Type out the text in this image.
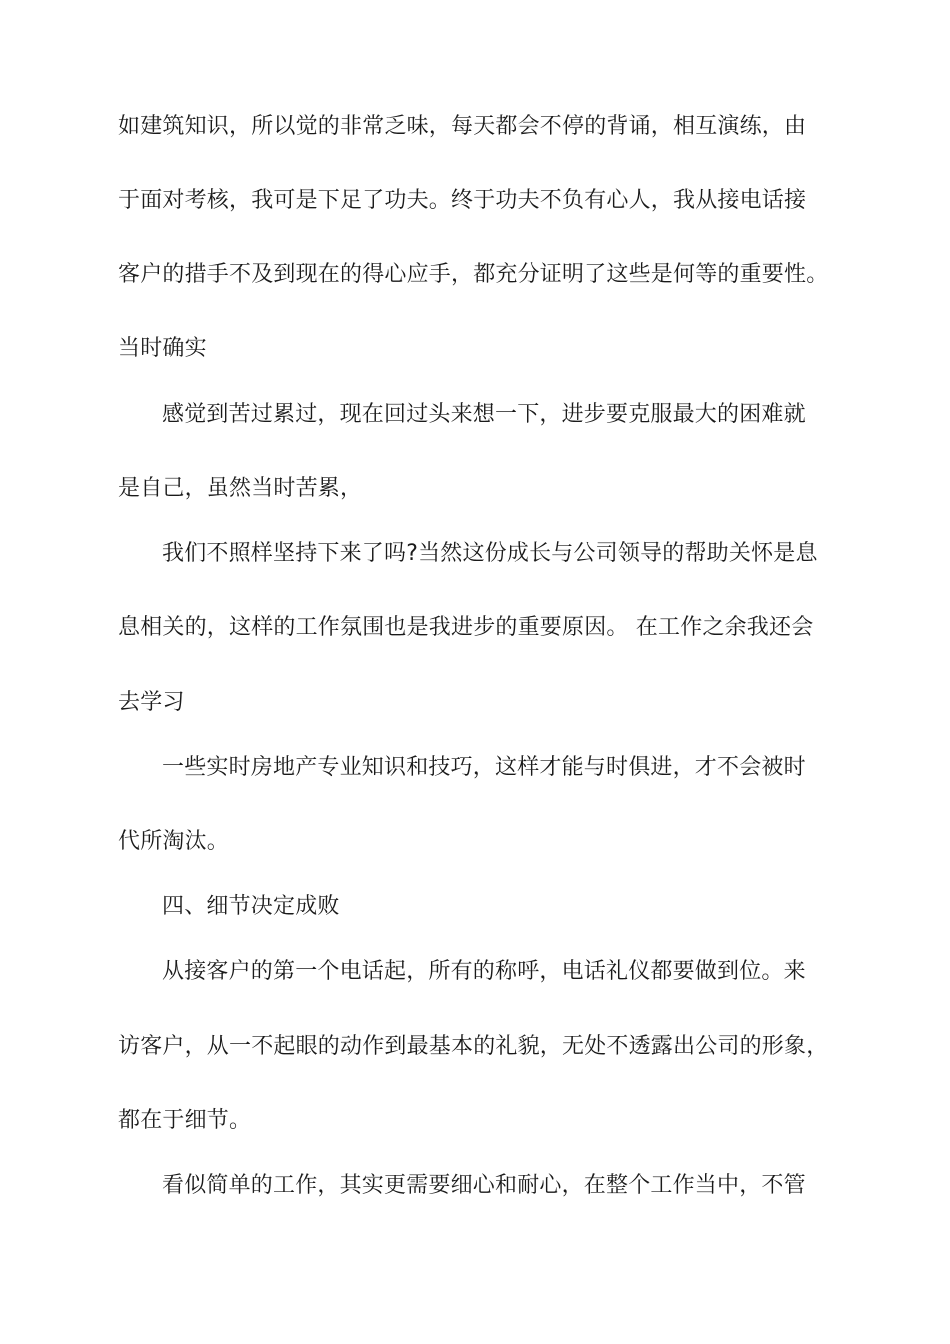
如建筑知识，所以觉的非常乏味，每天都会不停的背诵，相互演练，由
于面对考核，我可是下足了功夫。终于功夫不负有心人，我从接电话接
客户的措手不及到现在的得心应手，都充分证明了这些是何等的重要性。
当时确实
感觉到苦过累过，现在回过头来想一下，进步要克服最大的困难就
是自己，虽然当时苦累，
我们不照样坚持下来了吗?当然这份成长与公司领导的帮助关怀是息
息相关的，这样的工作氛围也是我进步的重要原因。 在工作之余我还会
去学习
一些实时房地产专业知识和技巧，这样才能与时俱进，才不会被时
代所淘汰。
四、细节决定成败
从接客户的第一个电话起，所有的称呼，电话礼仪都要做到位。来
访客户，从一不起眼的动作到最基本的礼貌，无处不透露出公司的形象，
都在于细节。
看似简单的工作，其实更需要细心和耐心，在整个工作当中，不管
